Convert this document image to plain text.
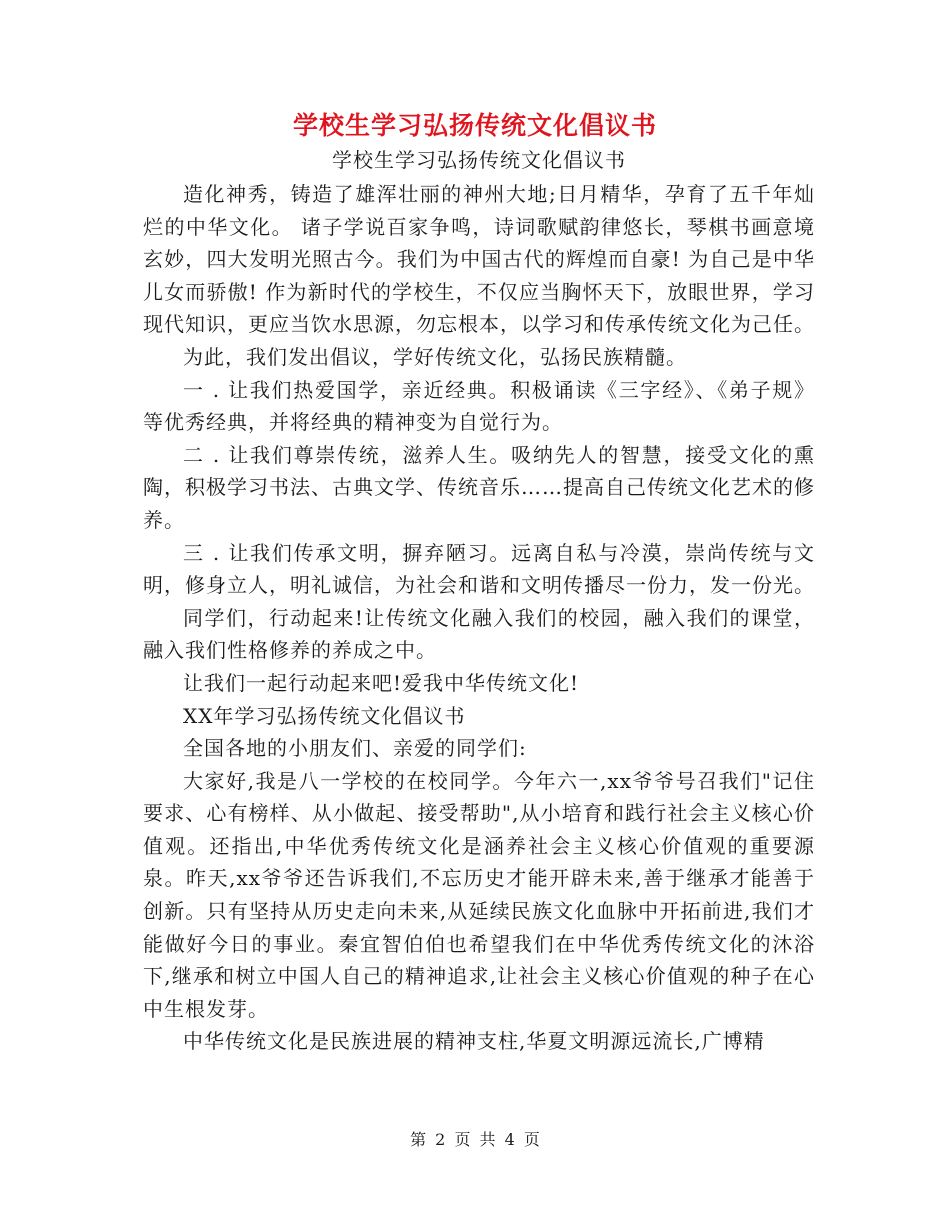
学校生学习弘扬传统文化倡议书

学校生学习弘扬传统文化倡议书

造化神秀，铸造了雄浑壮丽的神州大地;日月精华，孕育了五千年灿烂的中华文化。 诸子学说百家争鸣，诗词歌赋韵律悠长，琴棋书画意境玄妙，四大发明光照古今。我们为中国古代的辉煌而自豪! 为自己是中华儿女而骄傲! 作为新时代的学校生，不仅应当胸怀天下，放眼世界，学习现代知识，更应当饮水思源，勿忘根本，以学习和传承传统文化为己任。

为此，我们发出倡议，学好传统文化，弘扬民族精髓。

一 . 让我们热爱国学，亲近经典。积极诵读《三字经》、《弟子规》等优秀经典，并将经典的精神变为自觉行为。

二 . 让我们尊崇传统，滋养人生。吸纳先人的智慧，接受文化的熏陶，积极学习书法、古典文学、传统音乐……提高自己传统文化艺术的修养。

三 . 让我们传承文明，摒弃陋习。远离自私与冷漠，崇尚传统与文明，修身立人，明礼诚信，为社会和谐和文明传播尽一份力，发一份光。

同学们，行动起来!让传统文化融入我们的校园，融入我们的课堂，融入我们性格修养的养成之中。

让我们一起行动起来吧!爱我中华传统文化!

XX年学习弘扬传统文化倡议书

全国各地的小朋友们、亲爱的同学们:

大家好,我是八一学校的在校同学。今年六一,xx爷爷号召我们"记住要求、心有榜样、从小做起、接受帮助",从小培育和践行社会主义核心价值观。还指出,中华优秀传统文化是涵养社会主义核心价值观的重要源泉。昨天,xx爷爷还告诉我们,不忘历史才能开辟未来,善于继承才能善于创新。只有坚持从历史走向未来,从延续民族文化血脉中开拓前进,我们才能做好今日的事业。秦宜智伯伯也希望我们在中华优秀传统文化的沐浴下,继承和树立中国人自己的精神追求,让社会主义核心价值观的种子在心中生根发芽。

中华传统文化是民族进展的精神支柱,华夏文明源远流长,广博精

第 2 页 共 4 页
